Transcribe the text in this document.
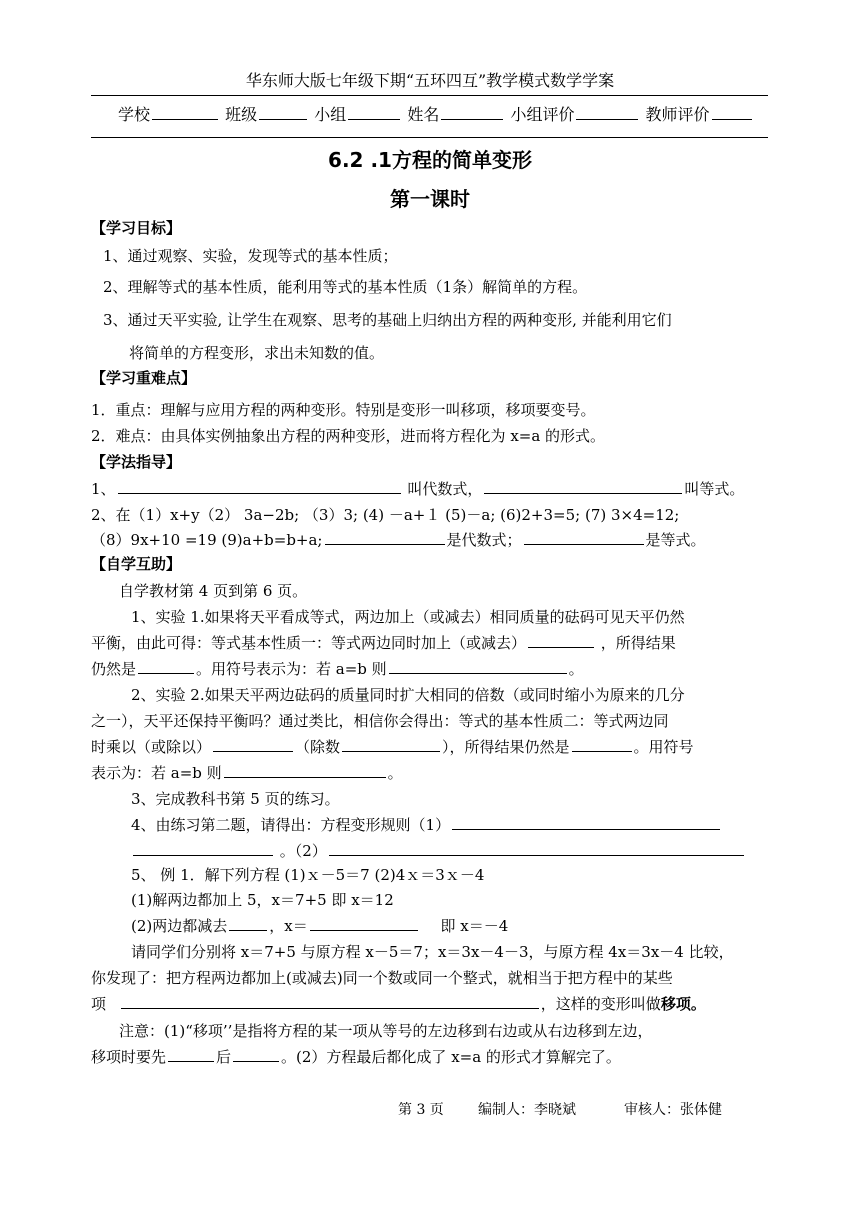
华东师大版七年级下期“五环四互”教学模式数学学案
学校	班级	小组	姓名	小组评价	教师评价
6.2 .1方程的简单变形
第一课时
【学习目标】
1、通过观察、实验，发现等式的基本性质；
2、理解等式的基本性质，能利用等式的基本性质（1条）解简单的方程。
3、通过天平实验, 让学生在观察、思考的基础上归纳出方程的两种变形, 并能利用它们
将简单的方程变形，求出未知数的值。
【学习重难点】
1．重点：理解与应用方程的两种变形。特别是变形一叫移项，移项要变号。
2．难点：由具体实例抽象出方程的两种变形，进而将方程化为 x=a 的形式。
【学法指导】
1、	叫代数式，	叫等式。
2、在（1）x+y（2） 3a−2b; （3）3; (4) －a+１ (5)－a; (6)2+3=5; (7) 3×4=12;
（8）9x+10 =19 (9)a+b=b+a;	是代数式；	是等式。
【自学互助】
自学教材第 4 页到第 6 页。
1、实验 1.如果将天平看成等式，两边加上（或减去）相同质量的砝码可见天平仍然
平衡，由此可得：等式基本性质一：等式两边同时加上（或减去）	，所得结果
仍然是	。用符号表示为：若 a=b 则	。
2、实验 2.如果天平两边砝码的质量同时扩大相同的倍数（或同时缩小为原来的几分
之一），天平还保持平衡吗？通过类比，相信你会得出：等式的基本性质二：等式两边同
时乘以（或除以）	（除数	），所得结果仍然是	。用符号
表示为：若 a=b 则	。
3、完成教科书第 5 页的练习。
4、由练习第二题，请得出：方程变形规则（1）
。（2）
5、 例 1．解下列方程 (1)ｘ－5＝7 (2)4ｘ＝3ｘ－4
(1)解两边都加上 5，x＝7+5 即 x＝12
(2)两边都减去	，x＝	即 x＝－4
请同学们分别将 x＝7+5 与原方程 x－5＝7；x＝3x－4－3，与原方程 4x＝3x－4 比较，
你发现了：把方程两边都加上(或减去)同一个数或同一个整式，就相当于把方程中的某些
项	，这样的变形叫做移项。
注意：(1)“移项’’是指将方程的某一项从等号的左边移到右边或从右边移到左边，
移项时要先	后	。(2）方程最后都化成了 x=a 的形式才算解完了。
第 3 页 编制人：李晓斌	审核人：张体健
